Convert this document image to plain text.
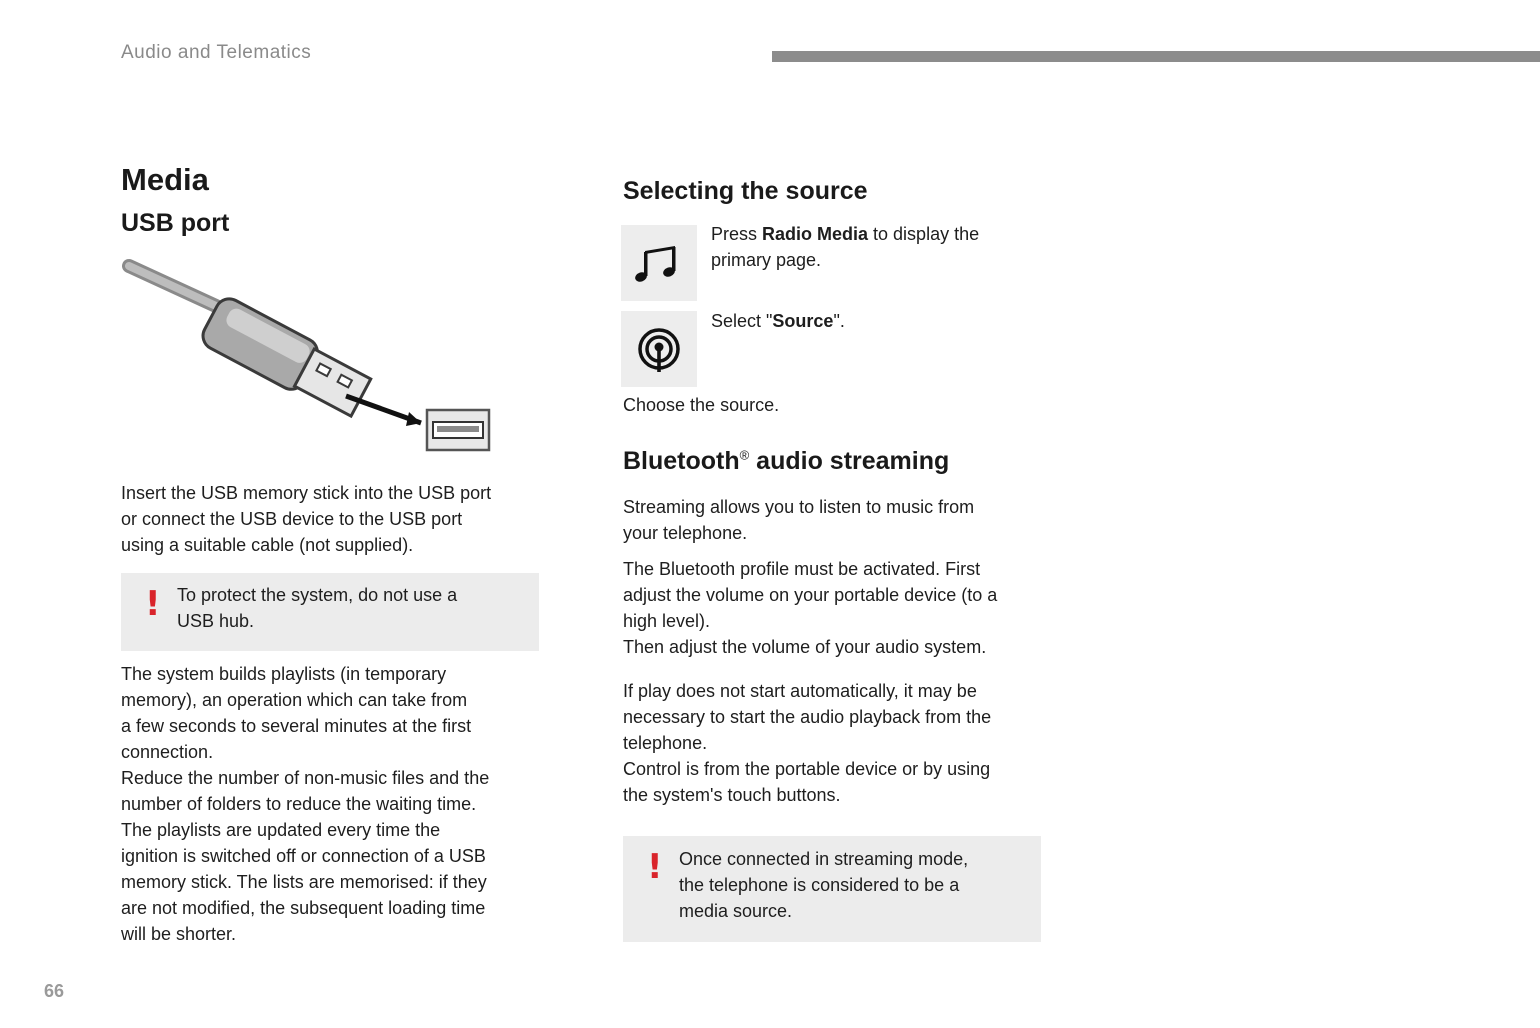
Audio and Telematics
Media
USB port
Insert the USB memory stick into the USB port
or connect the USB device to the USB port
using a suitable cable (not supplied).
! To protect the system, do not use a
USB hub.
The system builds playlists (in temporary
memory), an operation which can take from
a few seconds to several minutes at the first
connection.
Reduce the number of non-music files and the
number of folders to reduce the waiting time.
The playlists are updated every time the
ignition is switched off or connection of a USB
memory stick. The lists are memorised: if they
are not modified, the subsequent loading time
will be shorter.
Selecting the source
Press Radio Media to display the
primary page.
Select "Source".
Choose the source.
Bluetooth® audio streaming
Streaming allows you to listen to music from
your telephone.
The Bluetooth profile must be activated. First
adjust the volume on your portable device (to a
high level).
Then adjust the volume of your audio system.
If play does not start automatically, it may be
necessary to start the audio playback from the
telephone.
Control is from the portable device or by using
the system's touch buttons.
! Once connected in streaming mode,
the telephone is considered to be a
media source.
66
